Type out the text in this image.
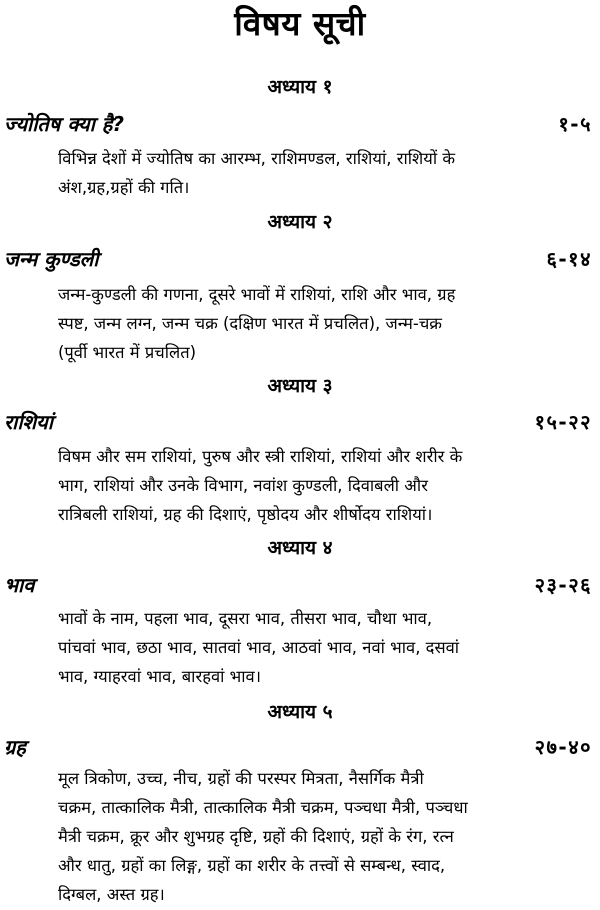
विषय सूची
अध्याय १
ज्योतिष क्या है?	१-५
विभिन्न देशों में ज्योतिष का आरम्भ, राशिमण्डल, राशियां, राशियों के
अंश,ग्रह,ग्रहों की गति।
अध्याय २
जन्म कुण्डली	६-१४
जन्म-कुण्डली की गणना, दूसरे भावों में राशियां, राशि और भाव, ग्रह
स्पष्ट, जन्म लग्न, जन्म चक्र (दक्षिण भारत में प्रचलित), जन्म-चक्र
(पूर्वी भारत में प्रचलित)
अध्याय ३
राशियां	१५-२२
विषम और सम राशियां, पुरुष और स्त्री राशियां, राशियां और शरीर के
भाग, राशियां और उनके विभाग, नवांश कुण्डली, दिवाबली और
रात्रिबली राशियां, ग्रह की दिशाएं, पृष्ठोदय और शीर्षोदय राशियां।
अध्याय ४
भाव	२३-२६
भावों के नाम, पहला भाव, दूसरा भाव, तीसरा भाव, चौथा भाव,
पांचवां भाव, छठा भाव, सातवां भाव, आठवां भाव, नवां भाव, दसवां
भाव, ग्याहरवां भाव, बारहवां भाव।
अध्याय ५
ग्रह	२७-४०
मूल त्रिकोण, उच्च, नीच, ग्रहों की परस्पर मित्रता, नैसर्गिक मैत्री
चक्रम, तात्कालिक मैत्री, तात्कालिक मैत्री चक्रम, पञ्चधा मैत्री, पञ्चधा
मैत्री चक्रम, क्रूर और शुभग्रह दृष्टि, ग्रहों की दिशाएं, ग्रहों के रंग, रत्न
और धातु, ग्रहों का लिङ्ग, ग्रहों का शरीर के तत्त्वों से सम्बन्ध, स्वाद,
दिग्बल, अस्त ग्रह।
